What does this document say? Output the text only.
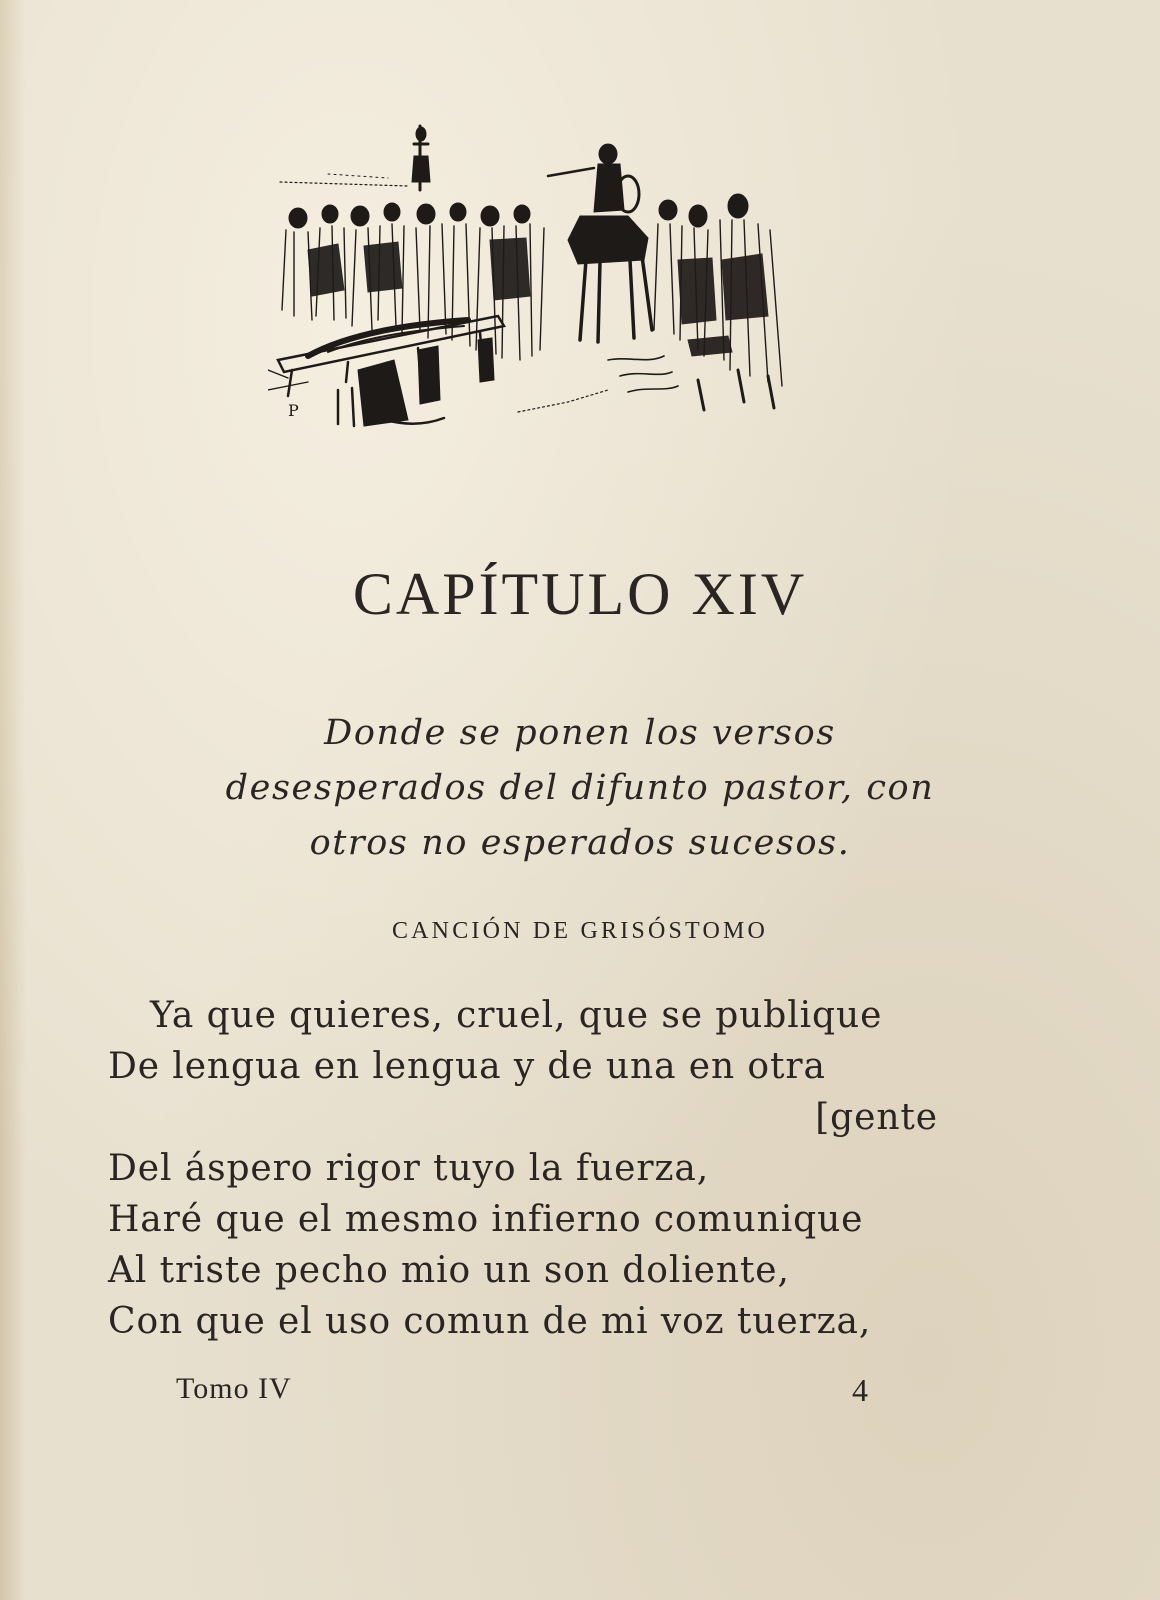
P
CAPÍTULO XIV
Donde se ponen los versos
desesperados del difunto pastor, con
otros no esperados sucesos.
CANCIÓN DE GRISÓSTOMO
Ya que quieres, cruel, que se publique
De lengua en lengua y de una en otra
[gente
Del áspero rigor tuyo la fuerza,
Haré que el mesmo infierno comunique
Al triste pecho mio un son doliente,
Con que el uso comun de mi voz tuerza,
Tomo IV	4
